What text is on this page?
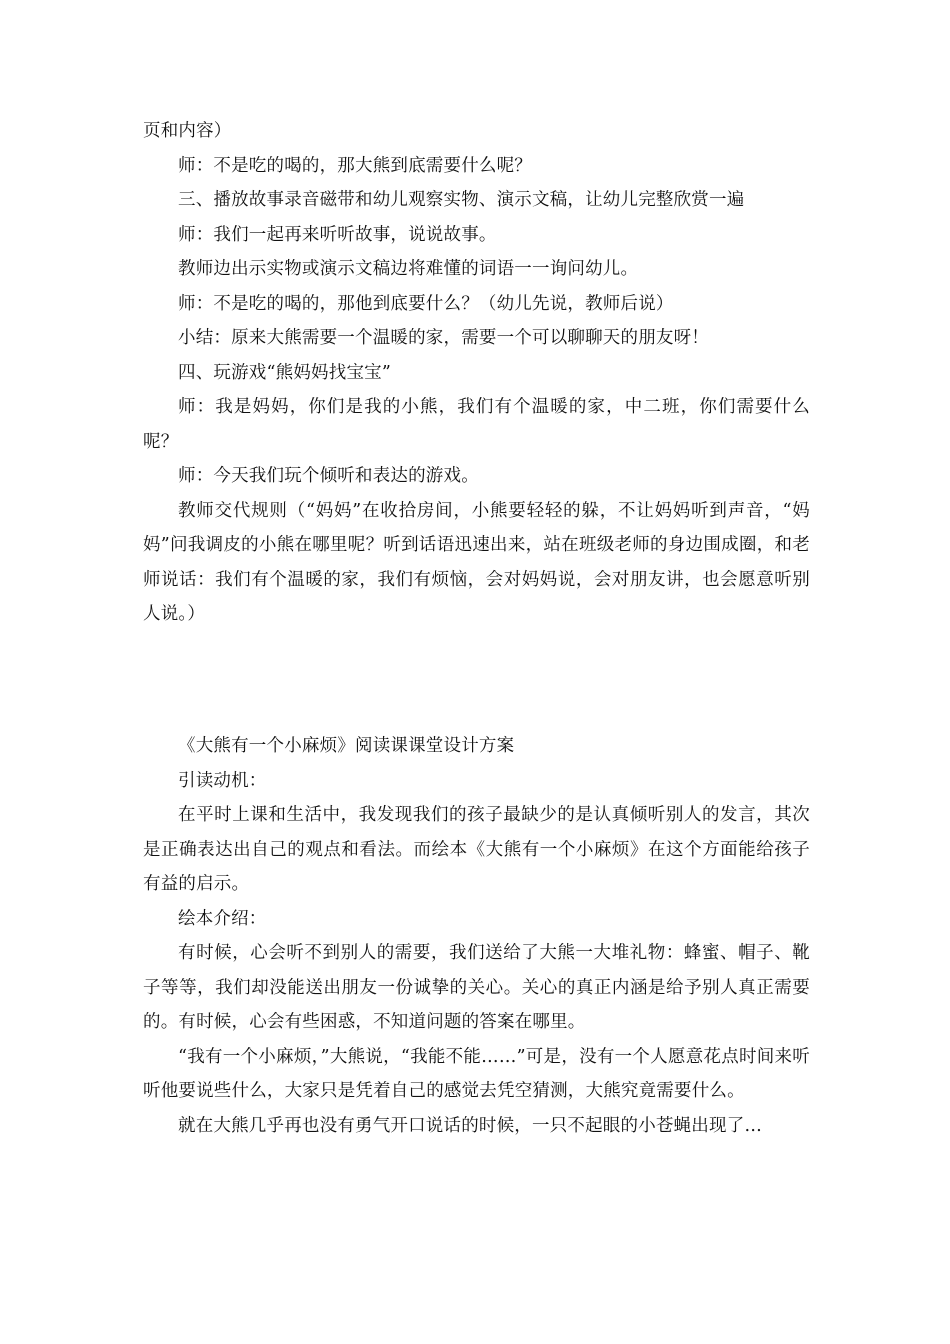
页和内容）

师：不是吃的喝的，那大熊到底需要什么呢？

三、播放故事录音磁带和幼儿观察实物、演示文稿，让幼儿完整欣赏一遍

师：我们一起再来听听故事，说说故事。

教师边出示实物或演示文稿边将难懂的词语一一询问幼儿。

师：不是吃的喝的，那他到底要什么？（幼儿先说，教师后说）

小结：原来大熊需要一个温暖的家，需要一个可以聊聊天的朋友呀！

四、玩游戏“熊妈妈找宝宝”

师：我是妈妈，你们是我的小熊，我们有个温暖的家，中二班，你们需要什么呢？

师：今天我们玩个倾听和表达的游戏。

教师交代规则（“妈妈”在收拾房间，小熊要轻轻的躲，不让妈妈听到声音，“妈妈”问我调皮的小熊在哪里呢？听到话语迅速出来，站在班级老师的身边围成圈，和老师说话：我们有个温暖的家，我们有烦恼，会对妈妈说，会对朋友讲，也会愿意听别人说。）

《大熊有一个小麻烦》阅读课课堂设计方案

引读动机：

在平时上课和生活中，我发现我们的孩子最缺少的是认真倾听别人的发言，其次是正确表达出自己的观点和看法。而绘本《大熊有一个小麻烦》在这个方面能给孩子有益的启示。

绘本介绍：

有时候，心会听不到别人的需要，我们送给了大熊一大堆礼物：蜂蜜、帽子、靴子等等，我们却没能送出朋友一份诚挚的关心。关心的真正内涵是给予别人真正需要的。有时候，心会有些困惑，不知道问题的答案在哪里。

“我有一个小麻烦，”大熊说，“我能不能……”可是，没有一个人愿意花点时间来听听他要说些什么，大家只是凭着自己的感觉去凭空猜测，大熊究竟需要什么。

就在大熊几乎再也没有勇气开口说话的时候，一只不起眼的小苍蝇出现了…
